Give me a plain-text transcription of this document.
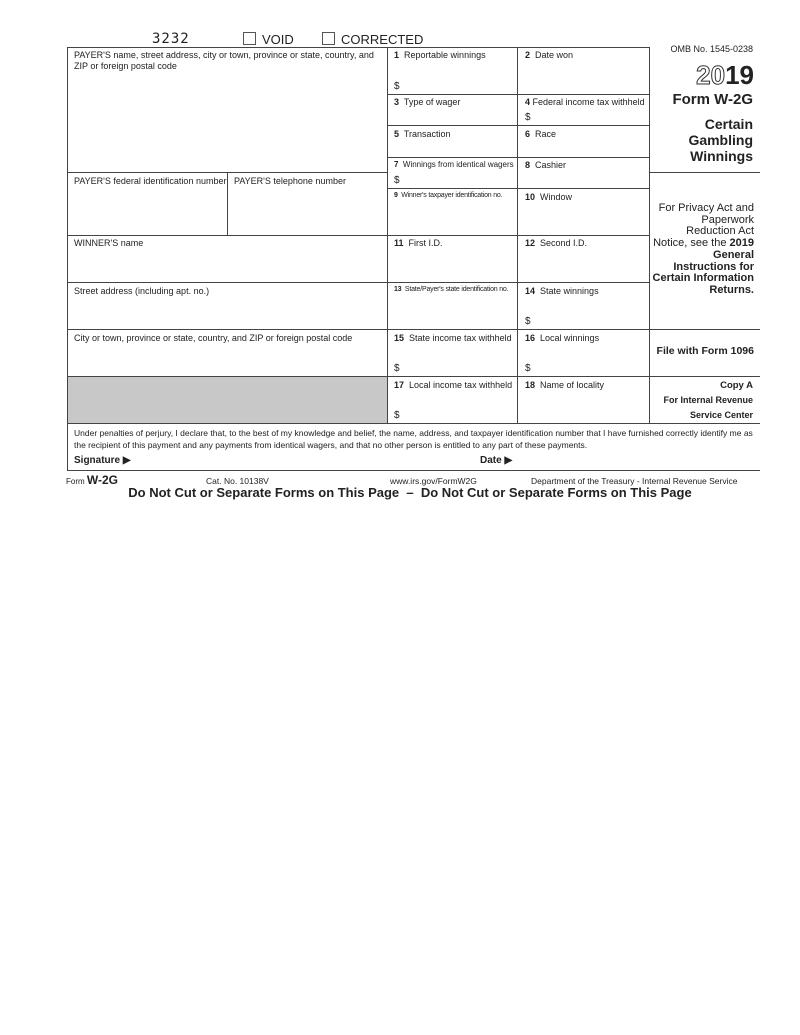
3232	VOID	CORRECTED
PAYER'S name, street address, city or town, province or state, country, and ZIP or foreign postal code
PAYER'S federal identification number PAYER'S telephone number
WINNER'S name
Street address (including apt. no.)
City or town, province or state, country, and ZIP or foreign postal code
1 Reportable winnings
$
2 Date won
3 Type of wager	4 Federal income tax withheld
$
5 Transaction	6 Race
7 Winnings from identical wagers
$
8 Cashier
9 Winner's taxpayer identification no.	10 Window
11 First I.D.	12 Second I.D.
13 State/Payer's state identification no. 14 State winnings
$
15 State income tax withheld
$
16 Local winnings
$
17 Local income tax withheld
$
18 Name of locality
OMB No. 1545-0238
2019
Form W-2G
Certain Gambling Winnings
For Privacy Act and Paperwork Reduction Act Notice, see the 2019 General Instructions for Certain Information Returns.
File with Form 1096
Copy A
For Internal Revenue Service Center
Under penalties of perjury, I declare that, to the best of my knowledge and belief, the name, address, and taxpayer identification number that I have furnished correctly identify me as the recipient of this payment and any payments from identical wagers, and that no other person is entitled to any part of these payments.
Signature ▶	Date ▶
Form W-2G	Cat. No. 10138V	www.irs.gov/FormW2G	Department of the Treasury - Internal Revenue Service
Do Not Cut or Separate Forms on This Page  –  Do Not Cut or Separate Forms on This Page
